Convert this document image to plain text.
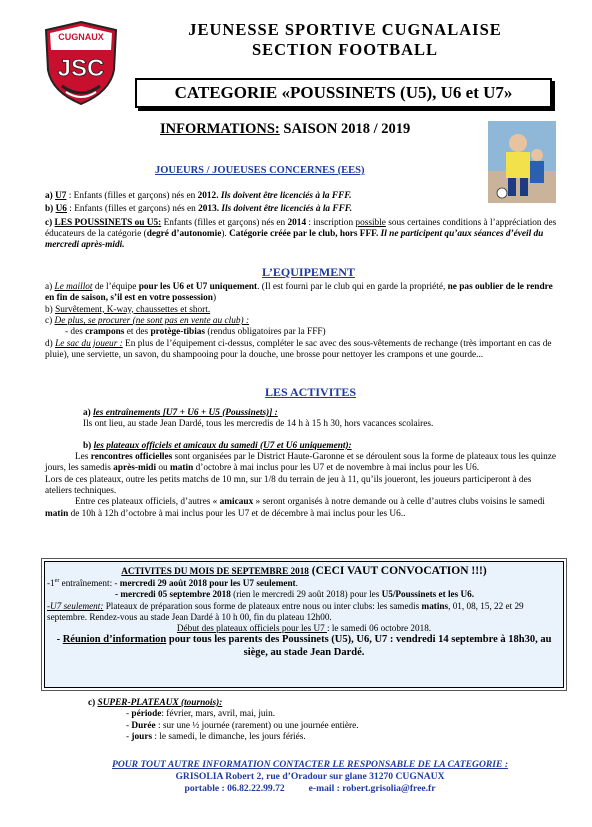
CUGNAUX
JSC
JEUNESSE SPORTIVE CUGNALAISE
SECTION FOOTBALL
CATEGORIE «POUSSINETS (U5), U6 et U7»
INFORMATIONS: SAISON 2018 / 2019
JOUEURS / JOUEUSES CONCERNES (EES)
a) U7 : Enfants (filles et garçons) nés en 2012. Ils doivent être licenciés à la FFF.
b) U6 : Enfants (filles et garçons) nés en 2013. Ils doivent être licenciés à la FFF.
c) LES POUSSINETS ou U5: Enfants (filles et garçons) nés en 2014 : inscription possible sous certaines conditions à l’appréciation des éducateurs de la catégorie (degré d’autonomie). Catégorie créée par le club, hors FFF. Il ne participent qu’aux séances d’éveil du mercredi après-midi.
L’EQUIPEMENT
a) Le maillot de l’équipe pour les U6 et U7 uniquement. (Il est fourni par le club qui en garde la propriété, ne pas oublier de le rendre en fin de saison, s’il est en votre possession)
b) Survêtement, K-way, chaussettes et short.
c) De plus, se procurer (ne sont pas en vente au club) :
- des crampons et des protège-tibias (rendus obligatoires par la FFF)
d) Le sac du joueur : En plus de l’équipement ci-dessus, compléter le sac avec des sous-vêtements de rechange (très important en cas de pluie), une serviette, un savon, du shampooing pour la douche, une brosse pour nettoyer les crampons et une gourde...
LES ACTIVITES
a) les entraînements [U7 + U6 + U5 (Poussinets)] :
Ils ont lieu, au stade Jean Dardé, tous les mercredis de 14 h à 15 h 30, hors vacances scolaires.
b) les plateaux officiels et amicaux du samedi (U7 et U6 uniquement):
Les rencontres officielles sont organisées par le District Haute-Garonne et se déroulent sous la forme de plateaux tous les quinze jours, les samedis après-midi ou matin d’octobre à mai inclus pour les U7 et de novembre à mai inclus pour les U6.
Lors de ces plateaux, outre les petits matchs de 10 mn, sur 1/8 du terrain de jeu à 11, qu’ils joueront, les joueurs participeront à des ateliers techniques.
Entre ces plateaux officiels, d’autres « amicaux » seront organisés à notre demande ou à celle d’autres clubs voisins le samedi matin de 10h à 12h d’octobre à mai inclus pour les U7 et de décembre à mai inclus pour les U6..
ACTIVITES DU MOIS DE SEPTEMBRE 2018 (CECI VAUT CONVOCATION !!!)
-1er entraînement: - mercredi 29 août 2018 pour les U7 seulement.
- mercredi 05 septembre 2018 (rien le mercredi 29 août 2018) pour les U5/Poussinets et les U6.
-U7 seulement: Plateaux de préparation sous forme de plateaux entre nous ou inter clubs: les samedis matins, 01, 08, 15, 22 et 29 septembre. Rendez-vous au stade Jean Dardé à 10 h 00, fin du plateau 12h00.
Début des plateaux officiels pour les U7 : le samedi 06 octobre 2018.
- Réunion d’information pour tous les parents des Poussinets (U5), U6, U7 : vendredi 14 septembre à 18h30, au siège, au stade Jean Dardé.
c) SUPER-PLATEAUX (tournois):
- période: février, mars, avril, mai, juin.
- Durée : sur une ½ journée (rarement) ou une journée entière.
- jours : le samedi, le dimanche, les jours fériés.
POUR TOUT AUTRE INFORMATION CONTACTER LE RESPONSABLE DE LA CATEGORIE :
GRISOLIA Robert 2, rue d’Oradour sur glane 31270 CUGNAUX
portable : 06.82.22.99.72          e-mail : robert.grisolia@free.fr
